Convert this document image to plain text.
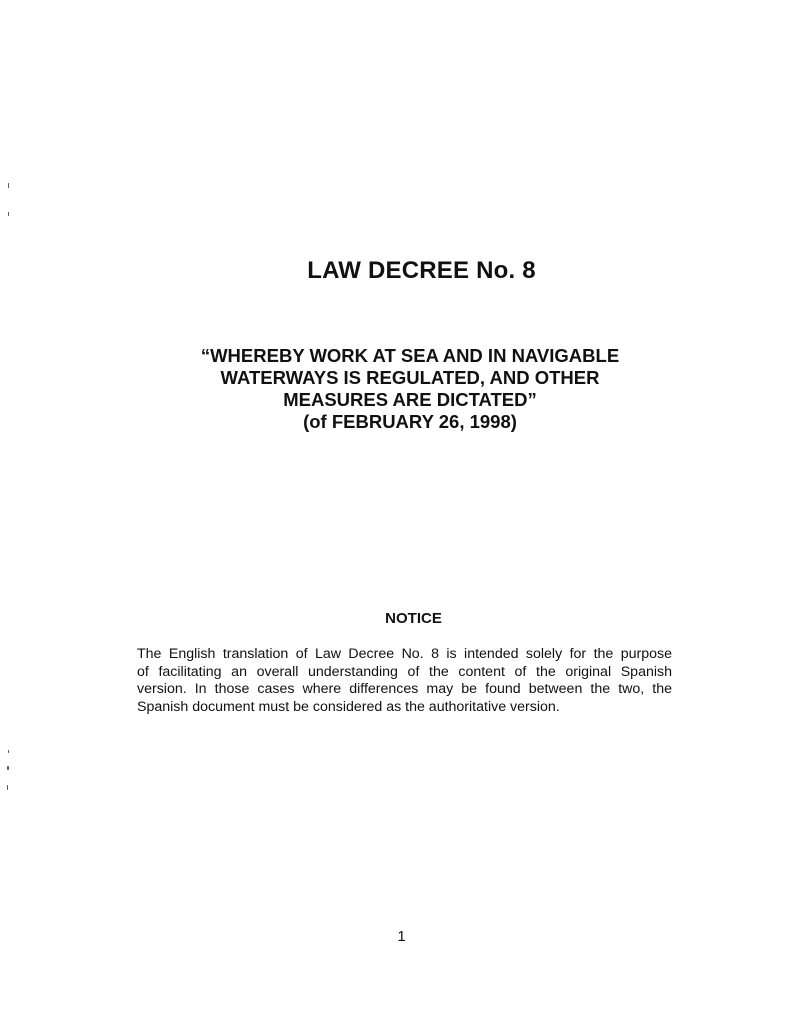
LAW DECREE No. 8
“WHEREBY WORK AT SEA AND IN NAVIGABLE
WATERWAYS IS REGULATED, AND OTHER
MEASURES ARE DICTATED”
(of FEBRUARY 26, 1998)
NOTICE
The English translation of Law Decree No. 8 is intended solely for the purpose
of facilitating an overall understanding of the content of the original Spanish
version. In those cases where differences may be found between the two, the
Spanish document must be considered as the authoritative version.
1
